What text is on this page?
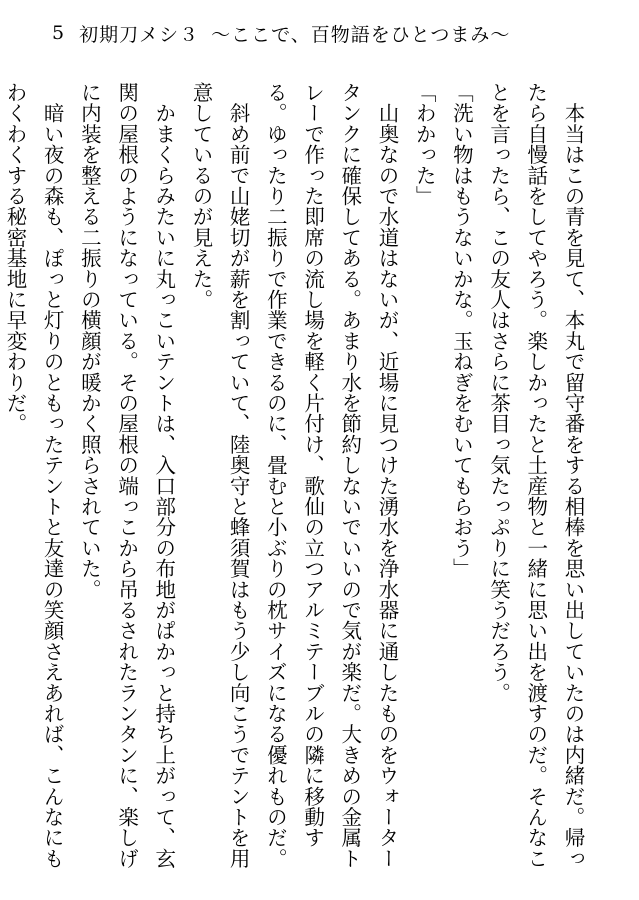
5 初期刀メシ３ 〜ここで、百物語をひとつまみ〜

　本当はこの青を見て、本丸で留守番をする相棒を思い出していたのは内緒だ。帰ったら自慢話をしてやろう。楽しかったと土産物と一緒に思い出を渡すのだ。そんなことを言ったら、この友人はさらに茶目っ気たっぷりに笑うだろう。

「洗い物はもうないかな。玉ねぎをむいてもらおう」

「わかった」

　山奥なので水道はないが、近場に見つけた湧水を浄水器に通したものをウォータータンクに確保してある。あまり水を節約しないでいいので気が楽だ。大きめの金属トレーで作った即席の流し場を軽く片付け、歌仙の立つアルミテーブルの隣に移動する。ゆったり二振りで作業できるのに、畳むと小ぶりの枕サイズになる優れものだ。

　斜め前で山姥切が薪を割っていて、陸奥守と蜂須賀はもう少し向こうでテントを用意しているのが見えた。

　かまくらみたいに丸っこいテントは、入口部分の布地がぱかっと持ち上がって、玄関の屋根のようになっている。その屋根の端っこから吊るされたランタンに、楽しげに内装を整える二振りの横顔が暖かく照らされていた。

　暗い夜の森も、ぽっと灯りのともったテントと友達の笑顔さえあれば、こんなにもわくわくする秘密基地に早変わりだ。
